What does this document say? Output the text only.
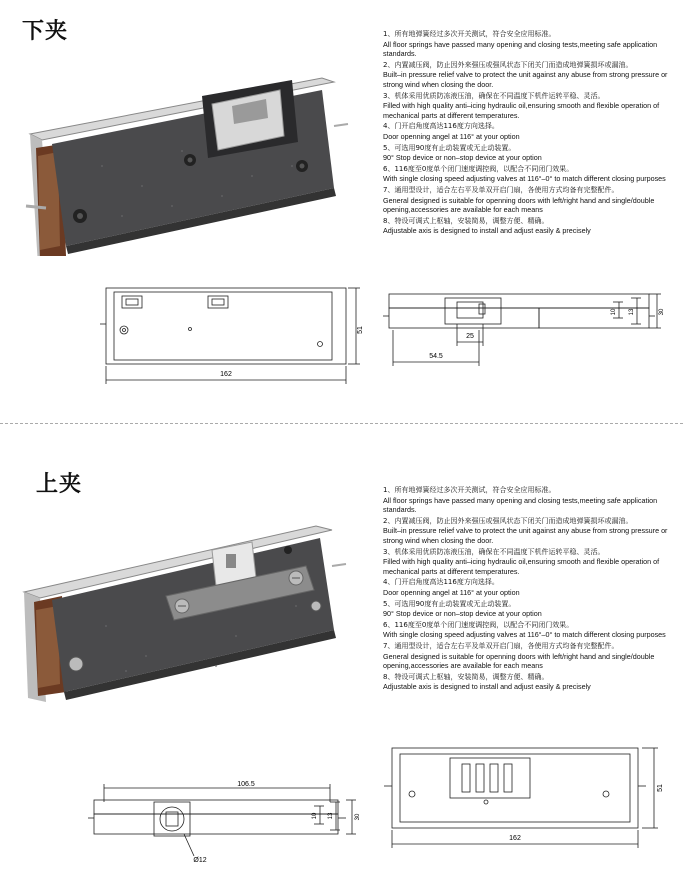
下夹	1、所有地弹簧经过多次开关测试，符合安全应用标准。
All floor springs have passed many opening and closing tests,meeting safe application standards.
2、内置减压阀，防止因外来强压或强风状态下闭关门而造成地弹簧损坏或漏油。
Built–in pressure relief valve to protect the unit against any abuse from strong pressure or strong wind when closing the door.
3、机体采用优质防冻液压油，确保在不同温度下机件运转平稳、灵活。
Filled with high quality anti–icing hydraulic oil,ensuring smooth and flexible operation of mechanical parts at different temperatures.
4、门开启角度高达116度方向选择。
Door openning angel at 116° at your option
5、可选用90度有止动装置或无止动装置。
90° Stop device or non–stop device at your option
6、116度至0度单个闭门速度调控阀，以配合不同闭门效果。
With single closing speed adjusting valves at 116°–0° to match different closing purposes
7、通用型设计，适合左右平及单双开启门扇，各使用方式均备有完整配件。
General designed is suitable for openning doors with left/right hand and single/double opening,accessories are available for each means
8、特设可调式上枢轴，安装简易，调整方便、精确。
Adjustable axis is designed to install and adjust easily & precisely
162
51
54.5
25
10 13	30
上夹	1、所有地弹簧经过多次开关测试，符合安全应用标准。
All floor springs have passed many opening and closing tests,meeting safe application standards.
2、内置减压阀，防止因外来强压或强风状态下闭关门而造成地弹簧损坏或漏油。
Built–in pressure relief valve to protect the unit against any abuse from strong pressure or strong wind when closing the door.
3、机体采用优质防冻液压油，确保在不同温度下机件运转平稳、灵活。
Filled with high quality anti–icing hydraulic oil,ensuring smooth and flexible operation of mechanical parts at different temperatures.
4、门开启角度高达116度方向选择。
Door openning angel at 116° at your option
5、可选用90度有止动装置或无止动装置。
90° Stop device or non–stop device at your option
6、116度至0度单个闭门速度调控阀，以配合不同闭门效果。
With single closing speed adjusting valves at 116°–0° to match different closing purposes
7、通用型设计，适合左右平及单双开启门扇，各使用方式均备有完整配件。
General designed is suitable for openning doors with left/right hand and single/double opening,accessories are available for each means
8、特设可调式上枢轴，安装简易，调整方便、精确。
Adjustable axis is designed to install and adjust easily & precisely
106.5
Ø12
10 13	30
162
51
